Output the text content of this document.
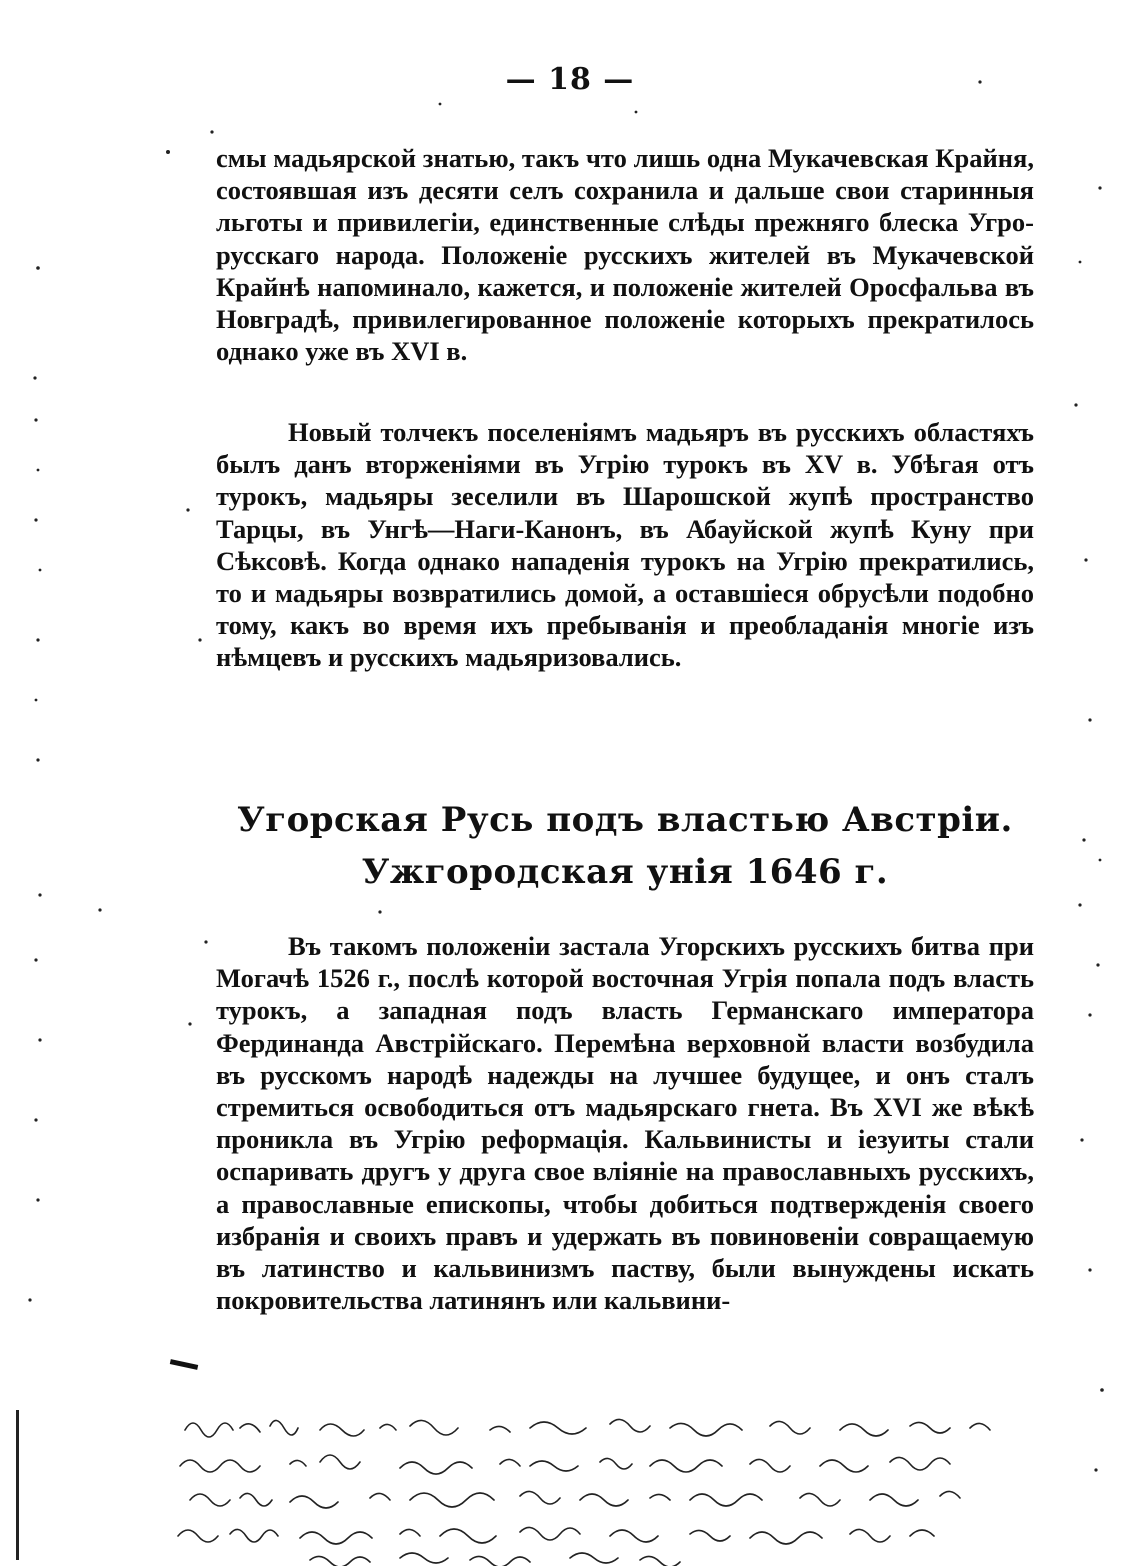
— 18 —

смы мадьярской знатью, такъ что лишь одна Мукачевская Крайня, состоявшая изъ десяти селъ сохранила и дальше свои старинныя льготы и привилегіи, единственные слѣды прежняго блеска Угро-русскаго народа. Положеніе русскихъ жителей въ Мукачевской Крайнѣ напоминало, кажется, и положеніе жителей Оросфальва въ Новградѣ, привилегированное положеніе которыхъ прекратилось однако уже въ XVI в.

Новый толчекъ поселеніямъ мадьяръ въ русскихъ областяхъ былъ данъ вторженіями въ Угрію турокъ въ XV в. Убѣгая отъ турокъ, мадьяры зеселили въ Шарошской жупѣ пространство Тарцы, въ Унгѣ—Наги-Канонъ, въ Абауйской жупѣ Куну при Сѣксовѣ. Когда однако нападенія турокъ на Угрію прекратились, то и мадьяры возвратились домой, а оставшіеся обрусѣли подобно тому, какъ во время ихъ пребыванія и преобладанія многіе изъ нѣмцевъ и русскихъ мадьяризовались.

Угорская Русь подъ властью Австріи.
Ужгородская унія 1646 г.

Въ такомъ положеніи застала Угорскихъ русскихъ битва при Могачѣ 1526 г., послѣ которой восточная Угрія попала подъ власть турокъ, а западная подъ власть Германскаго императора Фердинанда Австрійскаго. Перемѣна верховной власти возбудила въ русскомъ народѣ надежды на лучшее будущее, и онъ сталъ стремиться освободиться отъ мадьярскаго гнета. Въ XVI же вѣкѣ проникла въ Угрію реформація. Кальвинисты и іезуиты стали оспаривать другъ у друга свое вліяніе на православныхъ русскихъ, а православные епископы, чтобы добиться подтвержденія своего избранія и своихъ правъ и удержать въ повиновеніи совращаемую въ латинство и кальвинизмъ паству, были вынуждены искать покровительства латинянъ или кальвини-
